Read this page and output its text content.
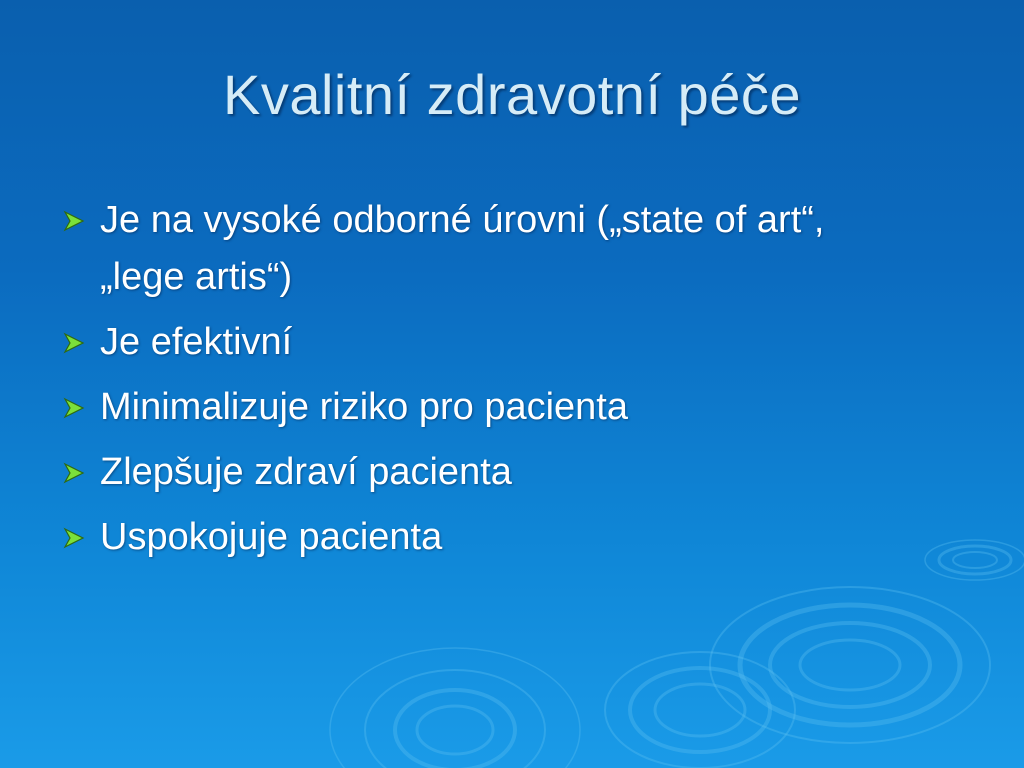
Kvalitní zdravotní péče
Je na vysoké odborné úrovni („state of art“, „lege artis“)
Je efektivní
Minimalizuje riziko pro pacienta
Zlepšuje zdraví pacienta
Uspokojuje pacienta
